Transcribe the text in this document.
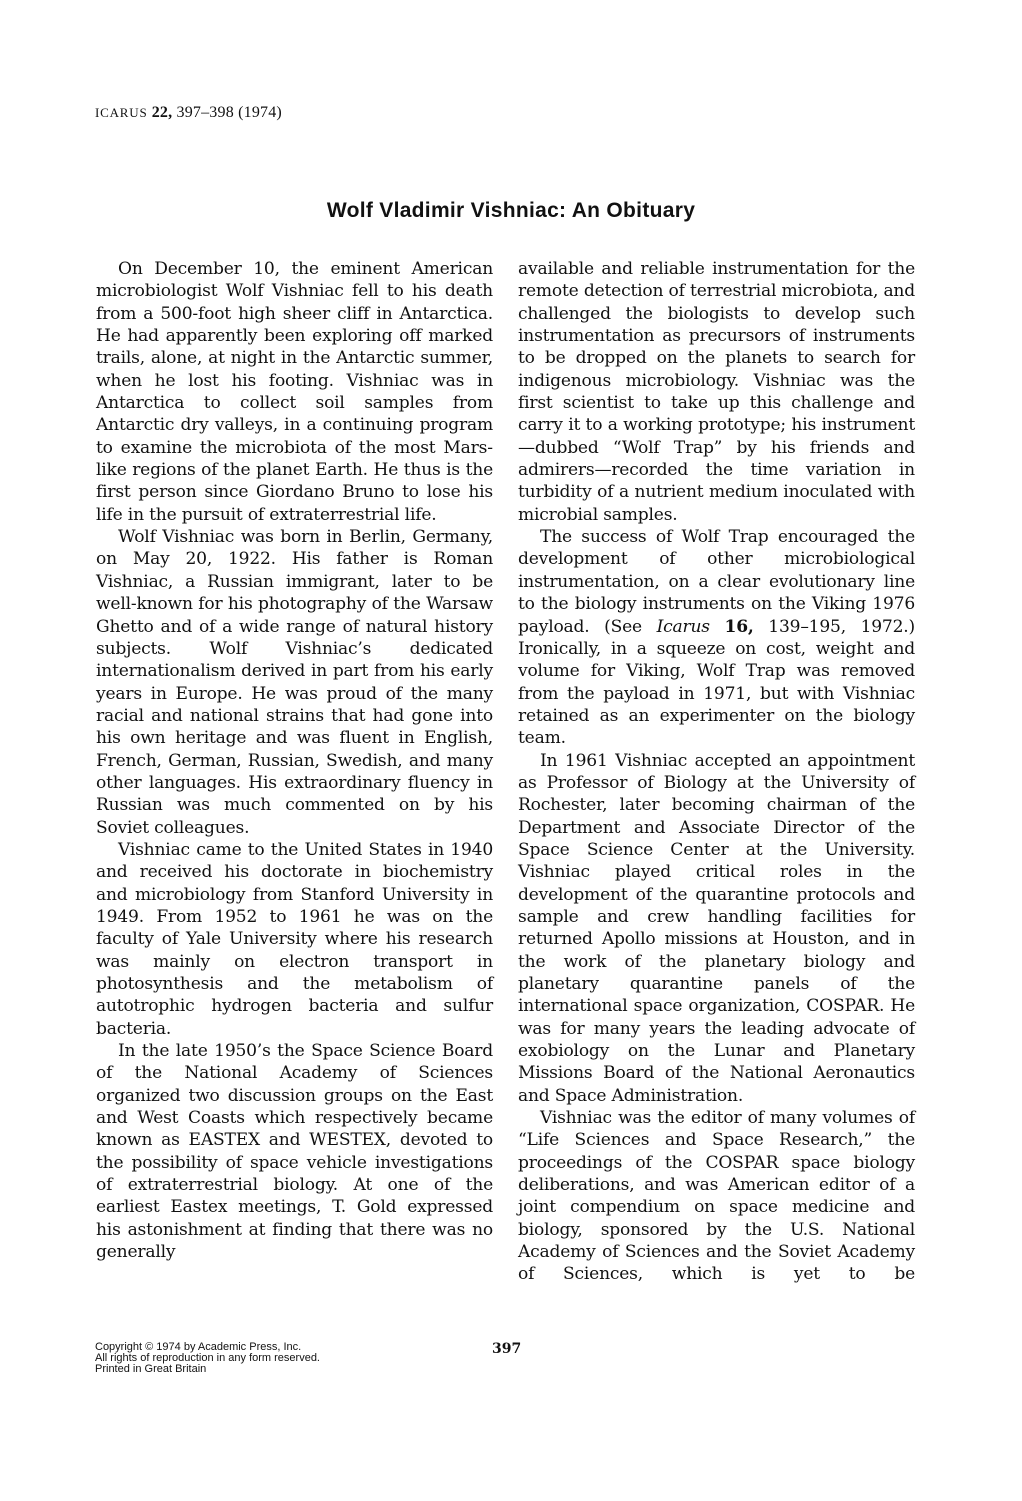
ICARUS 22, 397–398 (1974)
Wolf Vladimir Vishniac: An Obituary

On December 10, the eminent American microbiologist Wolf Vishniac fell to his death from a 500-foot high sheer cliff in Antarctica. He had apparently been exploring off marked trails, alone, at night in the Antarctic summer, when he lost his footing. Vishniac was in Antarctica to collect soil samples from Antarctic dry valleys, in a continuing program to examine the microbiota of the most Marslike regions of the planet Earth. He thus is the first person since Giordano Bruno to lose his life in the pursuit of extraterrestrial life.

Wolf Vishniac was born in Berlin, Germany, on May 20, 1922. His father is Roman Vishniac, a Russian immigrant, later to be well-known for his photography of the Warsaw Ghetto and of a wide range of natural history subjects. Wolf Vishniac’s dedicated internationalism derived in part from his early years in Europe. He was proud of the many racial and national strains that had gone into his own heritage and was fluent in English, French, German, Russian, Swedish, and many other languages. His extraordinary fluency in Russian was much commented on by his Soviet colleagues.

Vishniac came to the United States in 1940 and received his doctorate in biochemistry and microbiology from Stanford University in 1949. From 1952 to 1961 he was on the faculty of Yale University where his research was mainly on electron transport in photosynthesis and the metabolism of autotrophic hydrogen bacteria and sulfur bacteria.

In the late 1950’s the Space Science Board of the National Academy of Sciences organized two discussion groups on the East and West Coasts which respectively became known as EASTEX and WESTEX, devoted to the possibility of space vehicle investigations of extraterrestrial biology. At one of the earliest Eastex meetings, T. Gold expressed his astonishment at finding that there was no generally

available and reliable instrumentation for the remote detection of terrestrial microbiota, and challenged the biologists to develop such instrumentation as precursors of instruments to be dropped on the planets to search for indigenous microbiology. Vishniac was the first scientist to take up this challenge and carry it to a working prototype; his instrument—dubbed “Wolf Trap” by his friends and admirers—recorded the time variation in turbidity of a nutrient medium inoculated with microbial samples.

The success of Wolf Trap encouraged the development of other microbiological instrumentation, on a clear evolutionary line to the biology instruments on the Viking 1976 payload. (See Icarus 16, 139–195, 1972.) Ironically, in a squeeze on cost, weight and volume for Viking, Wolf Trap was removed from the payload in 1971, but with Vishniac retained as an experimenter on the biology team.

In 1961 Vishniac accepted an appointment as Professor of Biology at the University of Rochester, later becoming chairman of the Department and Associate Director of the Space Science Center at the University. Vishniac played critical roles in the development of the quarantine protocols and sample and crew handling facilities for returned Apollo missions at Houston, and in the work of the planetary biology and planetary quarantine panels of the international space organization, COSPAR. He was for many years the leading advocate of exobiology on the Lunar and Planetary Missions Board of the National Aeronautics and Space Administration.

Vishniac was the editor of many volumes of “Life Sciences and Space Research,” the proceedings of the COSPAR space biology deliberations, and was American editor of a joint compendium on space medicine and biology, sponsored by the U.S. National Academy of Sciences and the Soviet Academy of Sciences, which is yet to be

Copyright © 1974 by Academic Press, Inc.
All rights of reproduction in any form reserved.
Printed in Great Britain
397
